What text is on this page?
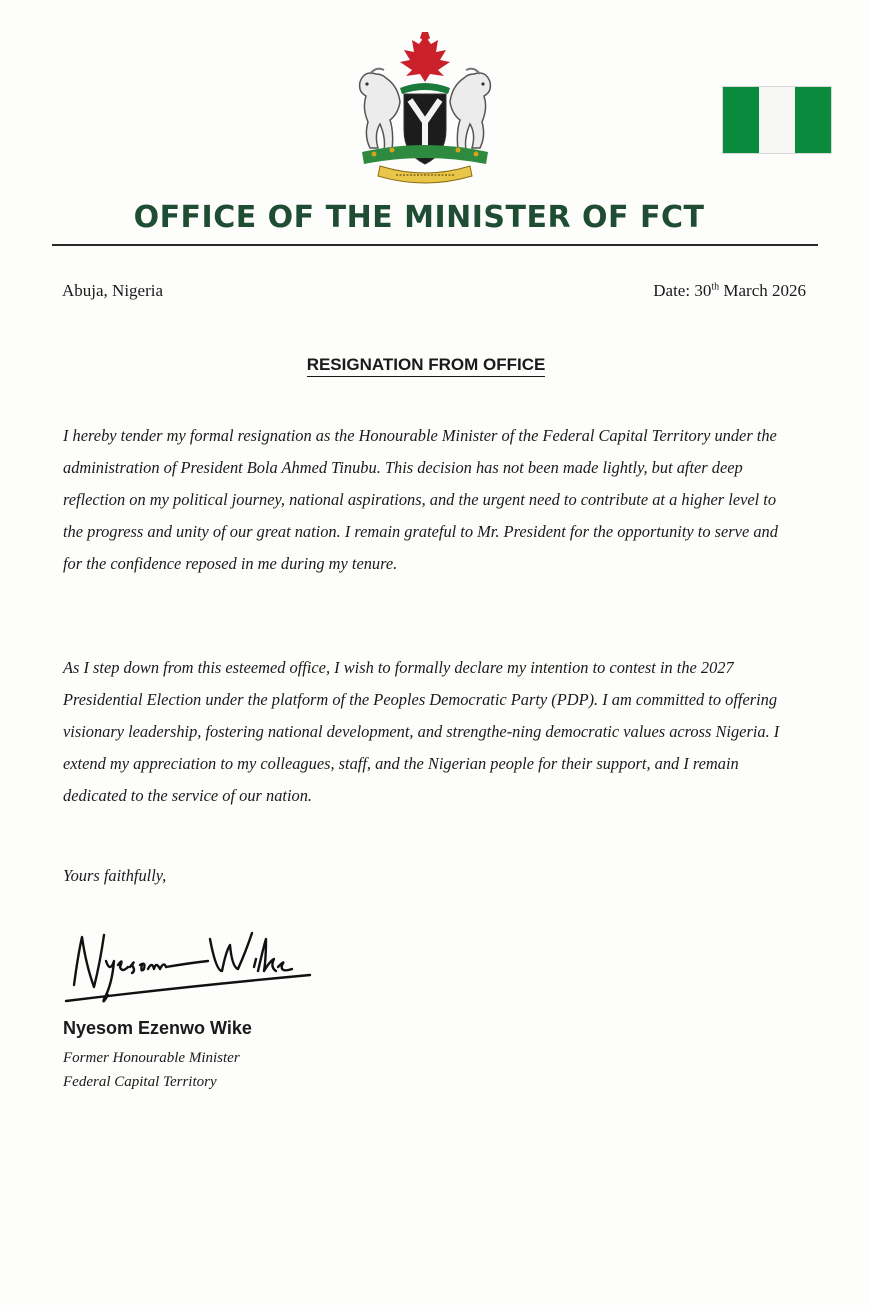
OFFICE OF THE MINISTER OF FCT
Abuja, Nigeria	Date: 30th March 2026
RESIGNATION FROM OFFICE

I hereby tender my formal resignation as the Honourable Minister of the Federal Capital Territory under the administration of President Bola Ahmed Tinubu. This decision has not been made lightly, but after deep reflection on my political journey, national aspirations, and the urgent need to contribute at a higher level to the progress and unity of our great nation. I remain grateful to Mr. President for the opportunity to serve and for the confidence reposed in me during my tenure.

As I step down from this esteemed office, I wish to formally declare my intention to contest in the 2027 Presidential Election under the platform of the Peoples Democratic Party (PDP). I am committed to offering visionary leadership, fostering national development, and strengthe-ning democratic values across Nigeria. I extend my appreciation to my colleagues, staff, and the Nigerian people for their support, and I remain dedicated to the service of our nation.

Yours faithfully,
Nyesom Ezenwo Wike
Former Honourable Minister
Federal Capital Territory
